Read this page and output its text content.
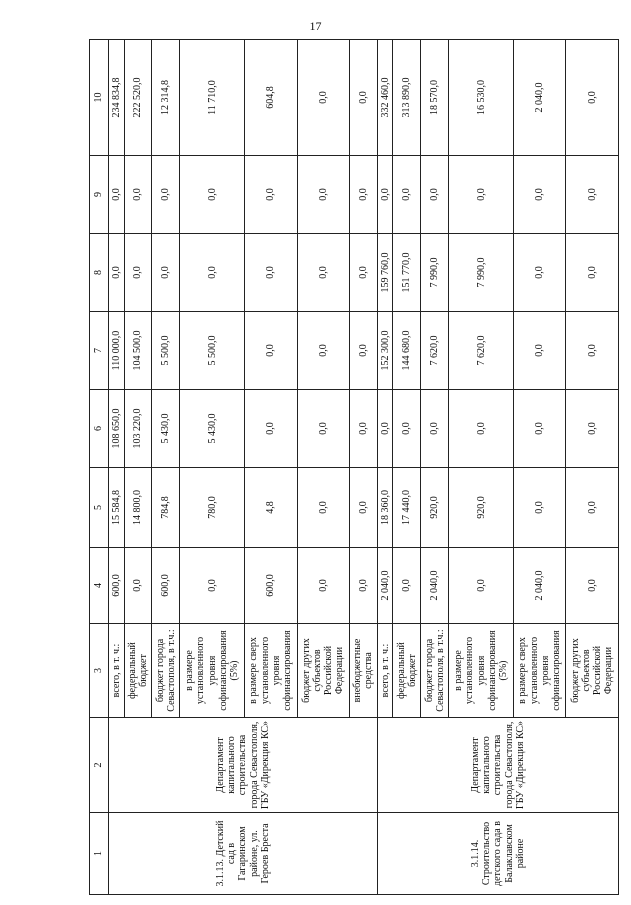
17
1	2	3	4	5	6	7	8	9	10
3.1.13. Детский сад в Гагаринском районе, ул. Героев Бреста	Департамент капитального строительства города Севастополя, ГБУ «Дирекция КС»	всего, в т. ч.:	600,0	15 584,8	108 650,0	110 000,0	0,0	0,0	234 834,8
		федеральный бюджет	0,0	14 800,0	103 220,0	104 500,0	0,0	0,0	222 520,0
		бюджет города Севастополя, в т.ч.:	600,0	784,8	5 430,0	5 500,0	0,0	0,0	12 314,8
		в размере установленного уровня софинансирования (5%)	0,0	780,0	5 430,0	5 500,0	0,0	0,0	11 710,0
		в размере сверх установленного уровня софинансирования	600,0	4,8	0,0	0,0	0,0	0,0	604,8
		бюджет других субъектов Российской Федерации	0,0	0,0	0,0	0,0	0,0	0,0	0,0
		внебюджетные средства	0,0	0,0	0,0	0,0	0,0	0,0	0,0
3.1.14. Строительство детского сада в Балаклавском районе	Департамент капитального строительства города Севастополя, ГБУ «Дирекция КС»	всего, в т. ч.:	2 040,0	18 360,0	0,0	152 300,0	159 760,0	0,0	332 460,0
		федеральный бюджет	0,0	17 440,0	0,0	144 680,0	151 770,0	0,0	313 890,0
		бюджет города Севастополя, в т.ч.:	2 040,0	920,0	0,0	7 620,0	7 990,0	0,0	18 570,0
		в размере установленного уровня софинансирования (5%)	0,0	920,0	0,0	7 620,0	7 990,0	0,0	16 530,0
		в размере сверх установленного уровня софинансирования	2 040,0	0,0	0,0	0,0	0,0	0,0	2 040,0
		бюджет других субъектов Российской Федерации	0,0	0,0	0,0	0,0	0,0	0,0	0,0
